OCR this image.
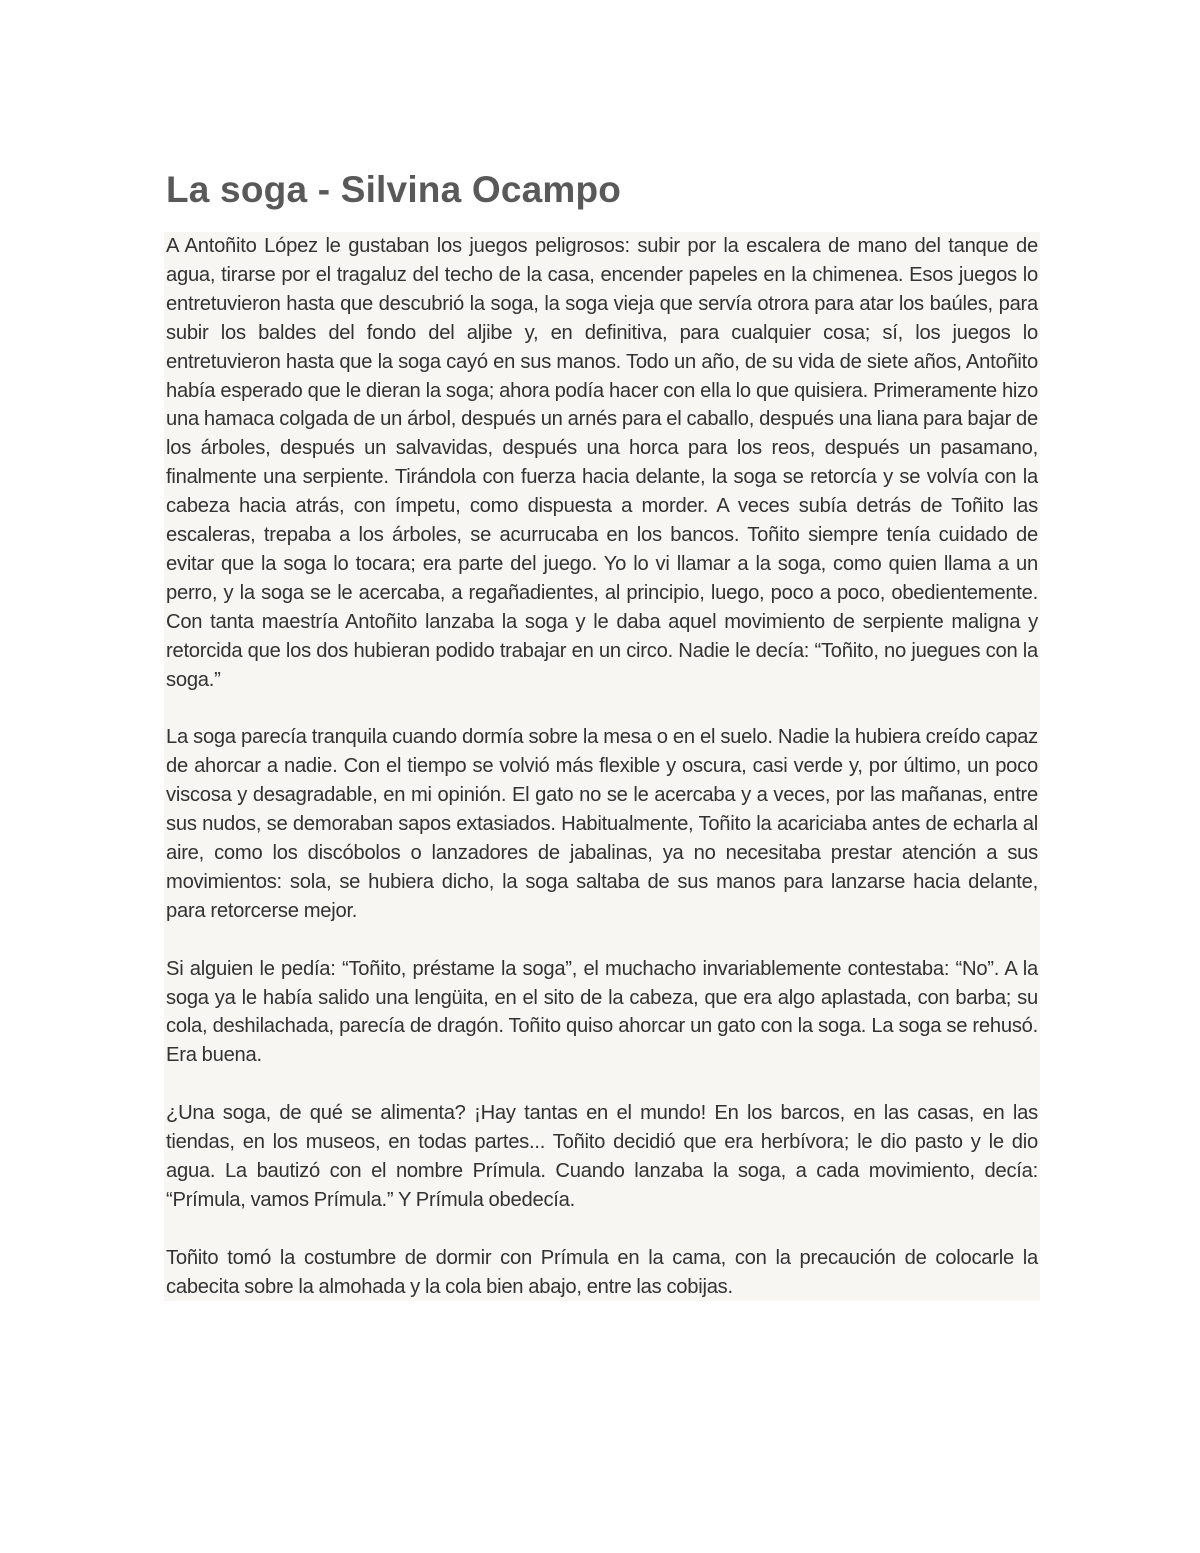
La soga - Silvina Ocampo

A Antoñito López le gustaban los juegos peligrosos: subir por la escalera de mano del tanque de agua, tirarse por el tragaluz del techo de la casa, encender papeles en la chimenea. Esos juegos lo entretuvieron hasta que descubrió la soga, la soga vieja que servía otrora para atar los baúles, para subir los baldes del fondo del aljibe y, en definitiva, para cualquier cosa; sí, los juegos lo entretuvieron hasta que la soga cayó en sus manos. Todo un año, de su vida de siete años, Antoñito había esperado que le dieran la soga; ahora podía hacer con ella lo que quisiera. Primeramente hizo una hamaca colgada de un árbol, después un arnés para el caballo, después una liana para bajar de los árboles, después un salvavidas, después una horca para los reos, después un pasamano, finalmente una serpiente. Tirándola con fuerza hacia delante, la soga se retorcía y se volvía con la cabeza hacia atrás, con ímpetu, como dispuesta a morder. A veces subía detrás de Toñito las escaleras, trepaba a los árboles, se acurrucaba en los bancos. Toñito siempre tenía cuidado de evitar que la soga lo tocara; era parte del juego. Yo lo vi llamar a la soga, como quien llama a un perro, y la soga se le acercaba, a regañadientes, al principio, luego, poco a poco, obedientemente. Con tanta maestría Antoñito lanzaba la soga y le daba aquel movimiento de serpiente maligna y retorcida que los dos hubieran podido trabajar en un circo. Nadie le decía: “Toñito, no juegues con la soga.”

La soga parecía tranquila cuando dormía sobre la mesa o en el suelo. Nadie la hubiera creído capaz de ahorcar a nadie. Con el tiempo se volvió más flexible y oscura, casi verde y, por último, un poco viscosa y desagradable, en mi opinión. El gato no se le acercaba y a veces, por las mañanas, entre sus nudos, se demoraban sapos extasiados. Habitualmente, Toñito la acariciaba antes de echarla al aire, como los discóbolos o lanzadores de jabalinas, ya no necesitaba prestar atención a sus movimientos: sola, se hubiera dicho, la soga saltaba de sus manos para lanzarse hacia delante, para retorcerse mejor.

Si alguien le pedía: “Toñito, préstame la soga”, el muchacho invariablemente contestaba: “No”. A la soga ya le había salido una lengüita, en el sito de la cabeza, que era algo aplastada, con barba; su cola, deshilachada, parecía de dragón. Toñito quiso ahorcar un gato con la soga. La soga se rehusó. Era buena.

¿Una soga, de qué se alimenta? ¡Hay tantas en el mundo! En los barcos, en las casas, en las tiendas, en los museos, en todas partes... Toñito decidió que era herbívora; le dio pasto y le dio agua. La bautizó con el nombre Prímula. Cuando lanzaba la soga, a cada movimiento, decía: “Prímula, vamos Prímula.” Y Prímula obedecía.

Toñito tomó la costumbre de dormir con Prímula en la cama, con la precaución de colocarle la cabecita sobre la almohada y la cola bien abajo, entre las cobijas.
